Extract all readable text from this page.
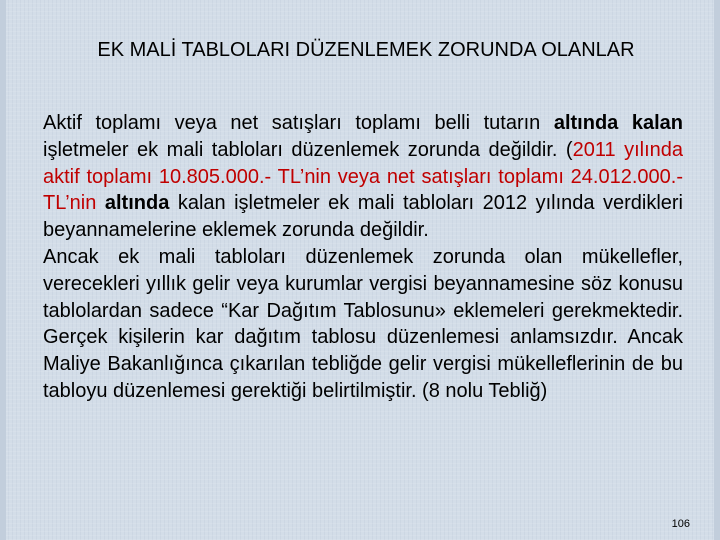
EK MALİ TABLOLARI DÜZENLEMEK ZORUNDA OLANLAR

Aktif toplamı veya net satışları toplamı belli tutarın altında kalan işletmeler ek mali tabloları düzenlemek zorunda değildir. (2011 yılında aktif toplamı 10.805.000.- TL’nin veya net satışları toplamı 24.012.000.-TL’nin altında kalan işletmeler ek mali tabloları 2012 yılında verdikleri beyannamelerine eklemek zorunda değildir.

Ancak ek mali tabloları düzenlemek zorunda olan mükellefler, verecekleri yıllık gelir veya kurumlar vergisi beyannamesine söz konusu tablolardan sadece “Kar Dağıtım Tablosunu» eklemeleri gerekmektedir. Gerçek kişilerin kar dağıtım tablosu düzenlemesi anlamsızdır. Ancak Maliye Bakanlığınca çıkarılan tebliğde gelir vergisi mükelleflerinin de bu tabloyu düzenlemesi gerektiği belirtilmiştir. (8 nolu Tebliğ)

106
